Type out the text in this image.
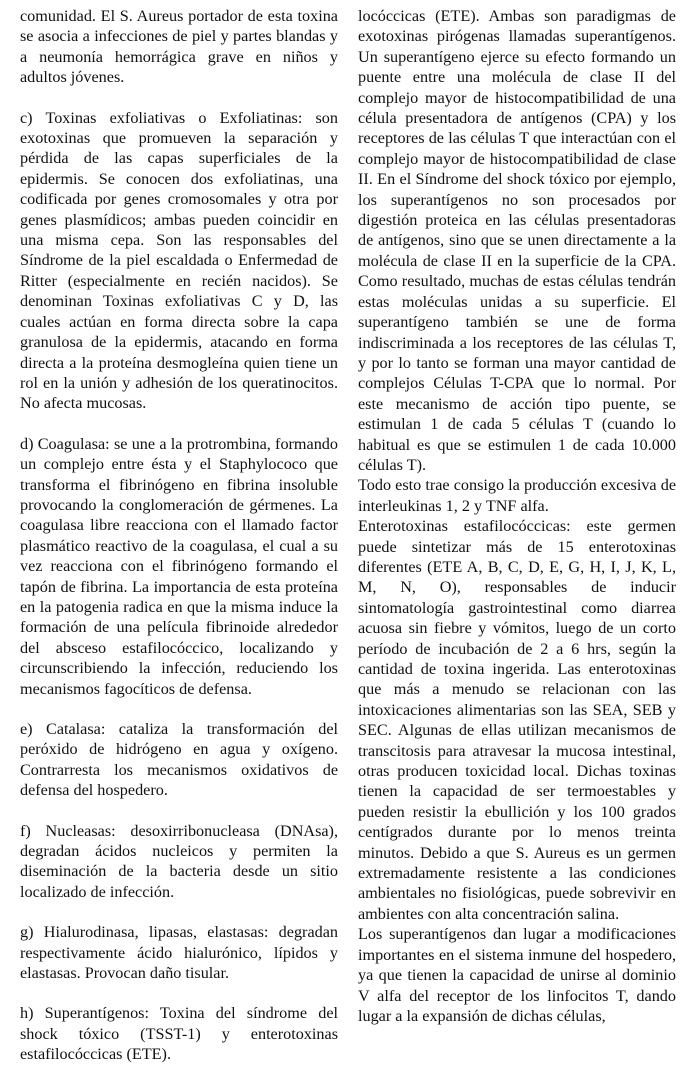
comunidad. El S. Aureus portador de esta toxina se asocia a infecciones de piel y partes blandas y a neumonía hemorrágica grave en niños y adultos jóvenes.

c) Toxinas exfoliativas o Exfoliatinas: son exotoxinas que promueven la separación y pérdida de las capas superficiales de la epidermis. Se conocen dos exfoliatinas, una codificada por genes cromosomales y otra por genes plasmídicos; ambas pueden coincidir en una misma cepa. Son las responsables del Síndrome de la piel escaldada o Enfermedad de Ritter (especialmente en recién nacidos). Se denominan Toxinas exfoliativas C y D, las cuales actúan en forma directa sobre la capa granulosa de la epidermis, atacando en forma directa a la proteína desmogleína quien tiene un rol en la unión y adhesión de los queratinocitos. No afecta mucosas.

d) Coagulasa: se une a la protrombina, formando un complejo entre ésta y el Staphylococo que transforma el fibrinógeno en fibrina insoluble provocando la conglomeración de gérmenes. La coagulasa libre reacciona con el llamado factor plasmático reactivo de la coagulasa, el cual a su vez reacciona con el fibrinógeno formando el tapón de fibrina. La importancia de esta proteína en la patogenia radica en que la misma induce la formación de una película fibrinoide alrededor del absceso estafilocóccico, localizando y circunscribiendo la infección, reduciendo los mecanismos fagocíticos de defensa.

e) Catalasa: cataliza la transformación del peróxido de hidrógeno en agua y oxígeno. Contrarresta los mecanismos oxidativos de defensa del hospedero.

f) Nucleasas: desoxirribonucleasa (DNAsa), degradan ácidos nucleicos y permiten la diseminación de la bacteria desde un sitio localizado de infección.

g) Hialurodinasa, lipasas, elastasas: degradan respectivamente ácido hialurónico, lípidos y elastasas. Provocan daño tisular.

h) Superantígenos: Toxina del síndrome del shock tóxico (TSST-1) y enterotoxinas estafilocóccicas (ETE).

locóccicas (ETE). Ambas son paradigmas de exotoxinas pirógenas llamadas superantígenos. Un superantígeno ejerce su efecto formando un puente entre una molécula de clase II del complejo mayor de histocompatibilidad de una célula presentadora de antígenos (CPA) y los receptores de las células T que interactúan con el complejo mayor de histocompatibilidad de clase II. En el Síndrome del shock tóxico por ejemplo, los superantígenos no son procesados por digestión proteica en las células presentadoras de antígenos, sino que se unen directamente a la molécula de clase II en la superficie de la CPA. Como resultado, muchas de estas células tendrán estas moléculas unidas a su superficie. El superantígeno también se une de forma indiscriminada a los receptores de las células T, y por lo tanto se forman una mayor cantidad de complejos Células T-CPA que lo normal. Por este mecanismo de acción tipo puente, se estimulan 1 de cada 5 células T (cuando lo habitual es que se estimulen 1 de cada 10.000 células T).

Todo esto trae consigo la producción excesiva de interleukinas 1, 2 y TNF alfa.

Enterotoxinas estafilocóccicas: este germen puede sintetizar más de 15 enterotoxinas diferentes (ETE A, B, C, D, E, G, H, I, J, K, L, M, N, O), responsables de inducir sintomatología gastrointestinal como diarrea acuosa sin fiebre y vómitos, luego de un corto período de incubación de 2 a 6 hrs, según la cantidad de toxina ingerida. Las enterotoxinas que más a menudo se relacionan con las intoxicaciones alimentarias son las SEA, SEB y SEC. Algunas de ellas utilizan mecanismos de transcitosis para atravesar la mucosa intestinal, otras producen toxicidad local. Dichas toxinas tienen la capacidad de ser termoestables y pueden resistir la ebullición y los 100 grados centígrados durante por lo menos treinta minutos. Debido a que S. Aureus es un germen extremadamente resistente a las condiciones ambientales no fisiológicas, puede sobrevivir en ambientes con alta concentración salina.

Los superantígenos dan lugar a modificaciones importantes en el sistema inmune del hospedero, ya que tienen la capacidad de unirse al dominio V alfa del receptor de los linfocitos T, dando lugar a la expansión de dichas células,
